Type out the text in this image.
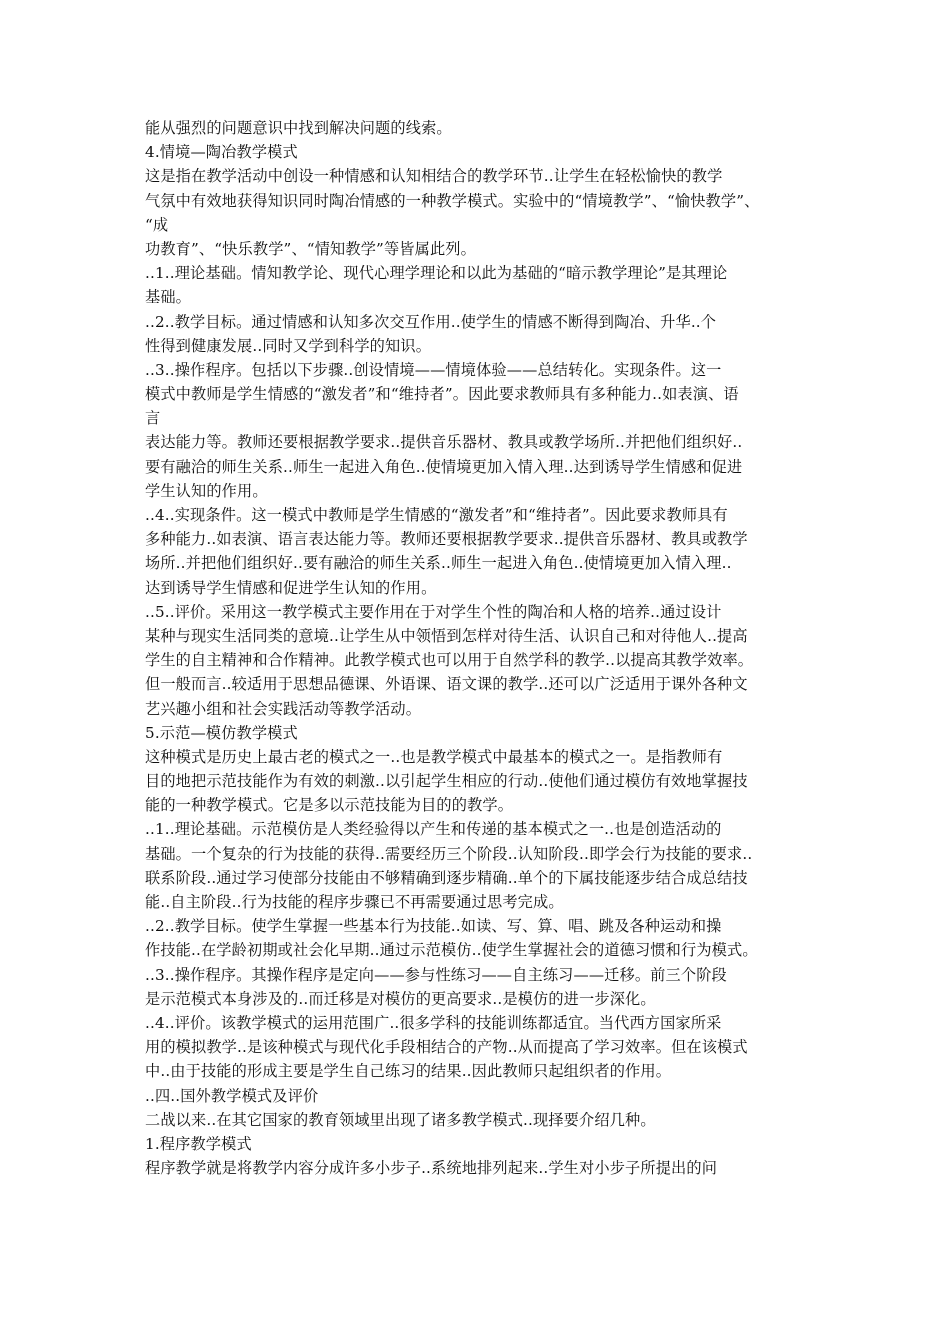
能从强烈的问题意识中找到解决问题的线索。
4.情境—陶冶教学模式
这是指在教学活动中创设一种情感和认知相结合的教学环节..让学生在轻松愉快的教学
气氛中有效地获得知识同时陶冶情感的一种教学模式。实验中的“情境教学”、“愉快教学”、
“成
功教育”、“快乐教学”、“情知教学”等皆属此列。
..1..理论基础。情知教学论、现代心理学理论和以此为基础的“暗示教学理论”是其理论
基础。
..2..教学目标。通过情感和认知多次交互作用..使学生的情感不断得到陶冶、升华..个
性得到健康发展..同时又学到科学的知识。
..3..操作程序。包括以下步骤..创设情境——情境体验——总结转化。实现条件。这一
模式中教师是学生情感的“激发者”和“维持者”。因此要求教师具有多种能力..如表演、语
言
表达能力等。教师还要根据教学要求..提供音乐器材、教具或教学场所..并把他们组织好..
要有融洽的师生关系..师生一起进入角色..使情境更加入情入理..达到诱导学生情感和促进
学生认知的作用。
..4..实现条件。这一模式中教师是学生情感的“激发者”和“维持者”。因此要求教师具有
多种能力..如表演、语言表达能力等。教师还要根据教学要求..提供音乐器材、教具或教学
场所..并把他们组织好..要有融洽的师生关系..师生一起进入角色..使情境更加入情入理..
达到诱导学生情感和促进学生认知的作用。
..5..评价。采用这一教学模式主要作用在于对学生个性的陶冶和人格的培养..通过设计
某种与现实生活同类的意境..让学生从中领悟到怎样对待生活、认识自己和对待他人..提高
学生的自主精神和合作精神。此教学模式也可以用于自然学科的教学..以提高其教学效率。
但一般而言..较适用于思想品德课、外语课、语文课的教学..还可以广泛适用于课外各种文
艺兴趣小组和社会实践活动等教学活动。
5.示范—模仿教学模式
这种模式是历史上最古老的模式之一..也是教学模式中最基本的模式之一。是指教师有
目的地把示范技能作为有效的刺激..以引起学生相应的行动..使他们通过模仿有效地掌握技
能的一种教学模式。它是多以示范技能为目的的教学。
..1..理论基础。示范模仿是人类经验得以产生和传递的基本模式之一..也是创造活动的
基础。一个复杂的行为技能的获得..需要经历三个阶段..认知阶段..即学会行为技能的要求..
联系阶段..通过学习使部分技能由不够精确到逐步精确..单个的下属技能逐步结合成总结技
能..自主阶段..行为技能的程序步骤已不再需要通过思考完成。
..2..教学目标。使学生掌握一些基本行为技能..如读、写、算、唱、跳及各种运动和操
作技能..在学龄初期或社会化早期..通过示范模仿..使学生掌握社会的道德习惯和行为模式。
..3..操作程序。其操作程序是定向——参与性练习——自主练习——迁移。前三个阶段
是示范模式本身涉及的..而迁移是对模仿的更高要求..是模仿的进一步深化。
..4..评价。该教学模式的运用范围广..很多学科的技能训练都适宜。当代西方国家所采
用的模拟教学..是该种模式与现代化手段相结合的产物..从而提高了学习效率。但在该模式
中..由于技能的形成主要是学生自己练习的结果..因此教师只起组织者的作用。
..四..国外教学模式及评价
二战以来..在其它国家的教育领域里出现了诸多教学模式..现择要介绍几种。
1.程序教学模式
程序教学就是将教学内容分成许多小步子..系统地排列起来..学生对小步子所提出的问
